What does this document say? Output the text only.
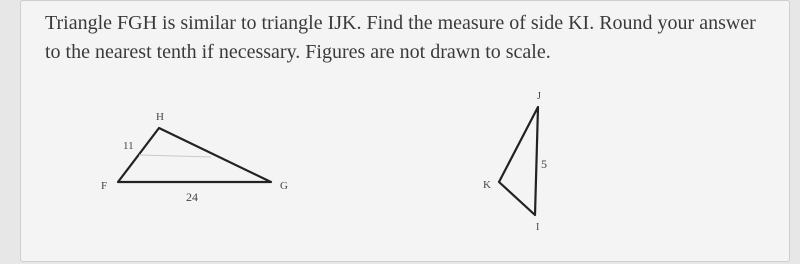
Triangle FGH is similar to triangle IJK. Find the measure of side KI. Round your answer to the nearest tenth if necessary. Figures are not drawn to scale.

H
F	G
11
24
J
K
I
5
